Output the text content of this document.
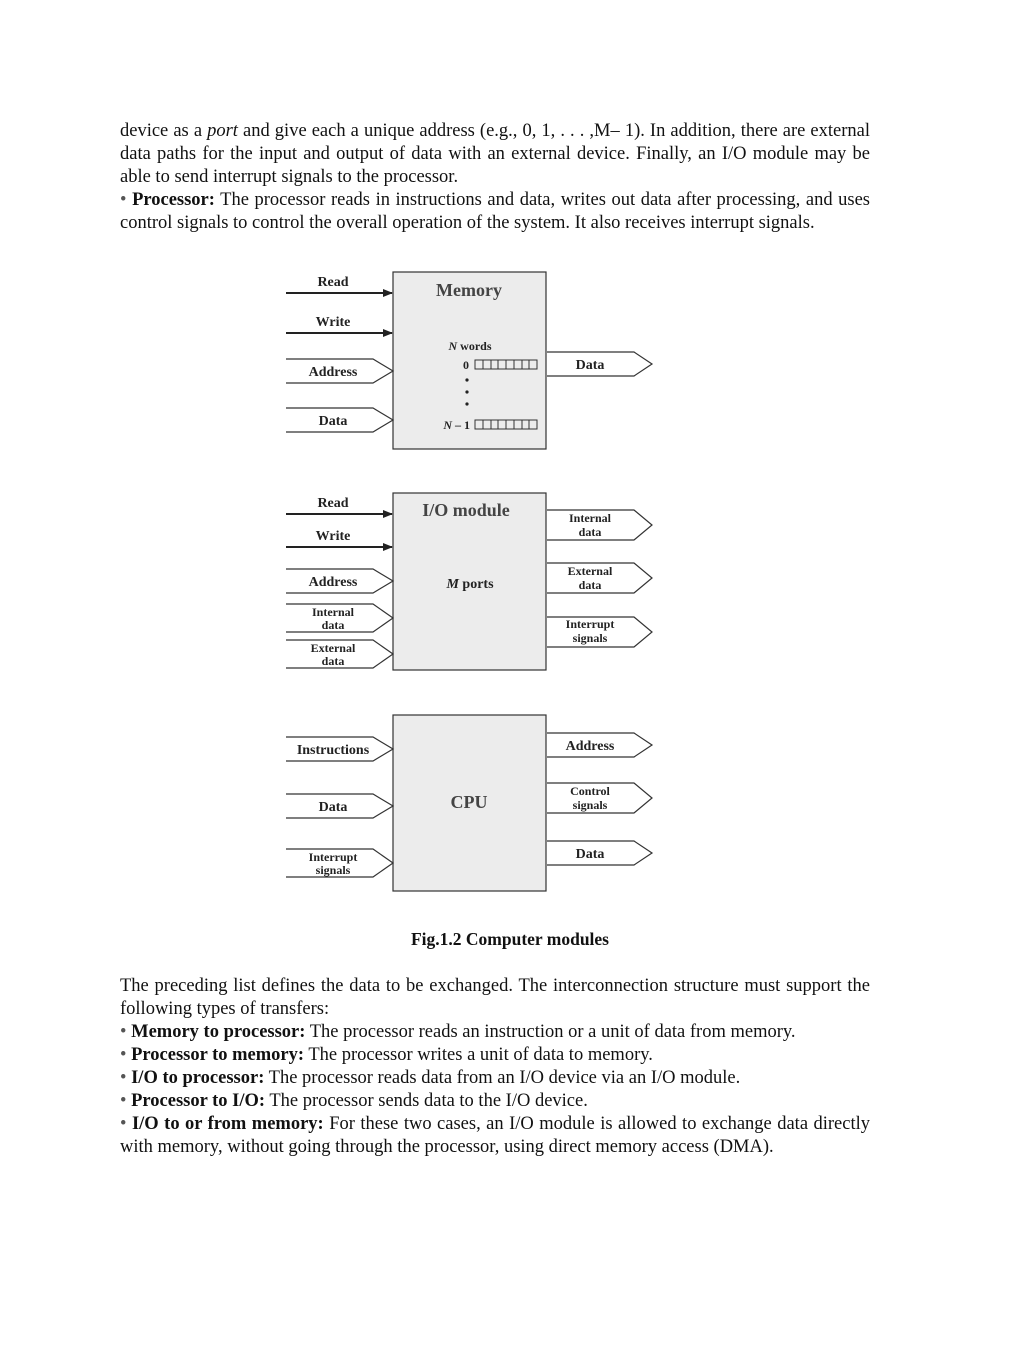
device as a port and give each a unique address (e.g., 0, 1, . . . ,M– 1). In addition, there are external data paths for the input and output of data with an external device. Finally, an I/O module may be able to send interrupt signals to the processor.
• Processor: The processor reads in instructions and data, writes out data after processing, and uses control signals to control the overall operation of the system. It also receives interrupt signals.

Memory
Read
Write
Address
Data
N words
0
N – 1
Data
I/O module
M ports
Read
Write
Address
Internal
data
External
data
Internal
data
External
data
Interrupt
signals
CPU
Instructions
Data
Interrupt
signals
Address
Control
signals
Data
Fig.1.2 Computer modules

The preceding list defines the data to be exchanged. The interconnection structure must support the following types of transfers:
• Memory to processor: The processor reads an instruction or a unit of data from memory.
• Processor to memory: The processor writes a unit of data to memory.
• I/O to processor: The processor reads data from an I/O device via an I/O module.
• Processor to I/O: The processor sends data to the I/O device.
• I/O to or from memory: For these two cases, an I/O module is allowed to exchange data directly with memory, without going through the processor, using direct memory access (DMA).
